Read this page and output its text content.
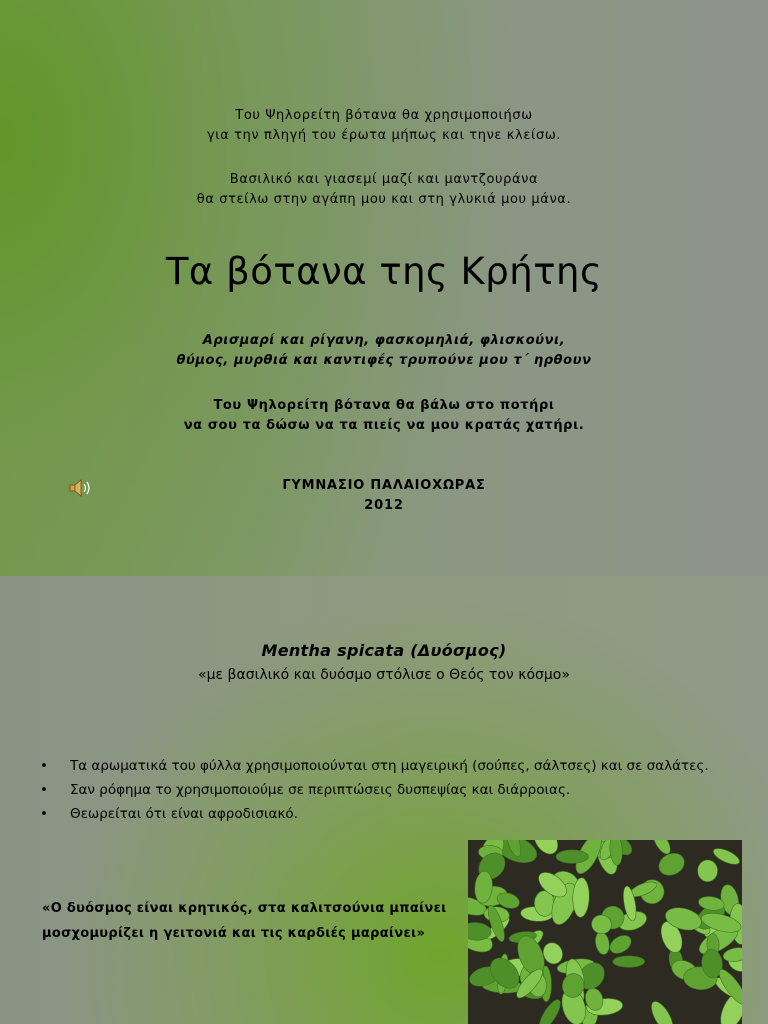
Του Ψηλορείτη βότανα θα χρησιμοποιήσω
για την πληγή του έρωτα μήπως και τηνε κλείσω.
Βασιλικό και γιασεμί μαζί και μαντζουράνα
θα στείλω στην αγάπη μου και στη γλυκιά μου μάνα.
Τα βότανα της Κρήτης
Αρισμαρί και ρίγανη, φασκομηλιά, φλισκούνι,
θύμος, μυρθιά και καντιφές τρυπούνε μου τ΄ ηρθουν
Του Ψηλορείτη βότανα θα βάλω στο ποτήρι
να σου τα δώσω να τα πιείς να μου κρατάς χατήρι.
ΓΥΜΝΑΣΙΟ ΠΑΛΑΙΟΧΩΡΑΣ
2012
Mentha spicata (Δυόσμος)
«με βασιλικό και δυόσμο στόλισε ο Θεός τον κόσμο»
• Τα αρωματικά του φύλλα χρησιμοποιούνται στη μαγειρική (σούπες, σάλτσες) και σε σαλάτες.
• Σαν ρόφημα το χρησιμοποιούμε σε περιπτώσεις δυσπεψίας και διάρροιας.
• Θεωρείται ότι είναι αφροδισιακό.
«Ο δυόσμος είναι κρητικός, στα καλιτσούνια μπαίνει
μοσχομυρίζει η γειτονιά και τις καρδιές μαραίνει»
